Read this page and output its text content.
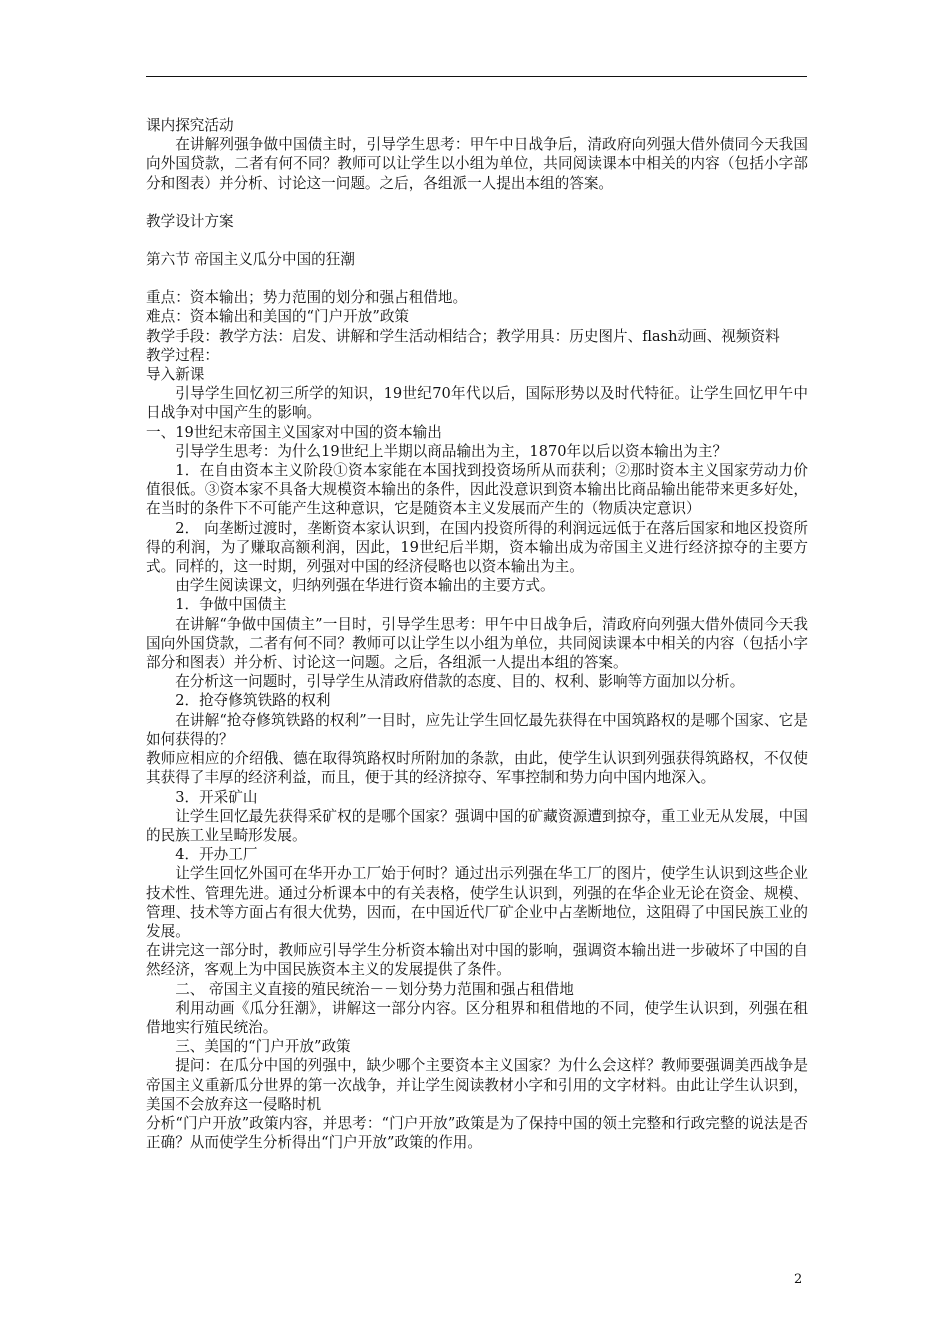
课内探究活动

在讲解列强争做中国债主时，引导学生思考：甲午中日战争后，清政府向列强大借外债同今天我国向外国贷款，二者有何不同？教师可以让学生以小组为单位，共同阅读课本中相关的内容（包括小字部分和图表）并分析、讨论这一问题。之后，各组派一人提出本组的答案。

教学设计方案

第六节 帝国主义瓜分中国的狂潮

重点：资本输出；势力范围的划分和强占租借地。

难点：资本输出和美国的“门户开放”政策

教学手段：教学方法：启发、讲解和学生活动相结合；教学用具：历史图片、flash动画、视频资料

教学过程：

导入新课

引导学生回忆初三所学的知识，19世纪70年代以后，国际形势以及时代特征。让学生回忆甲午中日战争对中国产生的影响。

一、19世纪末帝国主义国家对中国的资本输出

引导学生思考：为什么19世纪上半期以商品输出为主，1870年以后以资本输出为主？

1．在自由资本主义阶段①资本家能在本国找到投资场所从而获利；②那时资本主义国家劳动力价值很低。③资本家不具备大规模资本输出的条件，因此没意识到资本输出比商品输出能带来更多好处，在当时的条件下不可能产生这种意识，它是随资本主义发展而产生的（物质决定意识）

2． 向垄断过渡时，垄断资本家认识到，在国内投资所得的利润远远低于在落后国家和地区投资所得的利润，为了赚取高额利润，因此，19世纪后半期，资本输出成为帝国主义进行经济掠夺的主要方式。同样的，这一时期，列强对中国的经济侵略也以资本输出为主。

由学生阅读课文，归纳列强在华进行资本输出的主要方式。

1．争做中国债主

在讲解“争做中国债主”一目时，引导学生思考：甲午中日战争后，清政府向列强大借外债同今天我国向外国贷款，二者有何不同？教师可以让学生以小组为单位，共同阅读课本中相关的内容（包括小字部分和图表）并分析、讨论这一问题。之后，各组派一人提出本组的答案。

在分析这一问题时，引导学生从清政府借款的态度、目的、权利、影响等方面加以分析。

2．抢夺修筑铁路的权利

在讲解“抢夺修筑铁路的权利”一目时，应先让学生回忆最先获得在中国筑路权的是哪个国家、它是如何获得的？

教师应相应的介绍俄、德在取得筑路权时所附加的条款，由此，使学生认识到列强获得筑路权，不仅使其获得了丰厚的经济利益，而且，便于其的经济掠夺、军事控制和势力向中国内地深入。

3．开采矿山

让学生回忆最先获得采矿权的是哪个国家？强调中国的矿藏资源遭到掠夺，重工业无从发展，中国的民族工业呈畸形发展。

4．开办工厂

让学生回忆外国可在华开办工厂始于何时？通过出示列强在华工厂的图片，使学生认识到这些企业技术性、管理先进。通过分析课本中的有关表格，使学生认识到，列强的在华企业无论在资金、规模、管理、技术等方面占有很大优势，因而，在中国近代厂矿企业中占垄断地位，这阻碍了中国民族工业的发展。

在讲完这一部分时，教师应引导学生分析资本输出对中国的影响，强调资本输出进一步破坏了中国的自然经济，客观上为中国民族资本主义的发展提供了条件。

二、 帝国主义直接的殖民统治－－划分势力范围和强占租借地

利用动画《瓜分狂潮》，讲解这一部分内容。区分租界和租借地的不同，使学生认识到，列强在租借地实行殖民统治。

三、美国的“门户开放”政策

提问：在瓜分中国的列强中，缺少哪个主要资本主义国家？为什么会这样？教师要强调美西战争是帝国主义重新瓜分世界的第一次战争，并让学生阅读教材小字和引用的文字材料。由此让学生认识到，美国不会放弃这一侵略时机

分析“门户开放”政策内容，并思考：“门户开放”政策是为了保持中国的领土完整和行政完整的说法是否正确？从而使学生分析得出“门户开放”政策的作用。

2
